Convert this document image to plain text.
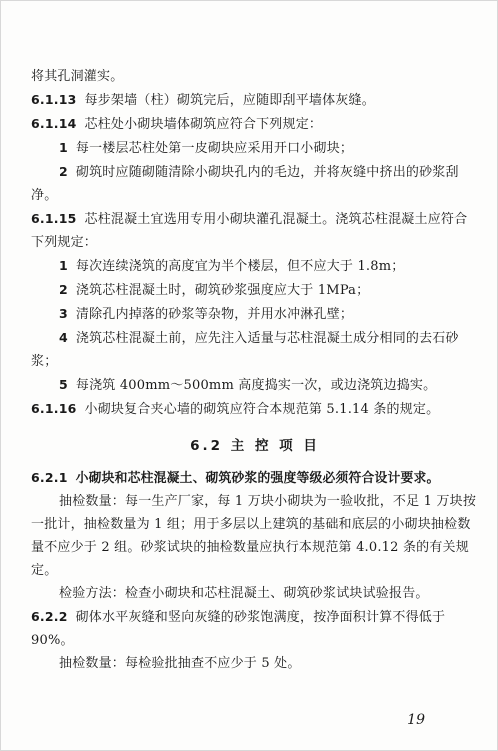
将其孔洞灌实。

6.1.13 每步架墙（柱）砌筑完后，应随即刮平墙体灰缝。

6.1.14 芯柱处小砌块墙体砌筑应符合下列规定：

1 每一楼层芯柱处第一皮砌块应采用开口小砌块；

2 砌筑时应随砌随清除小砌块孔内的毛边，并将灰缝中挤出的砂浆刮净。

6.1.15 芯柱混凝土宜选用专用小砌块灌孔混凝土。浇筑芯柱混凝土应符合下列规定：

1 每次连续浇筑的高度宜为半个楼层，但不应大于 1.8m；

2 浇筑芯柱混凝土时，砌筑砂浆强度应大于 1MPa；

3 清除孔内掉落的砂浆等杂物，并用水冲淋孔壁；

4 浇筑芯柱混凝土前，应先注入适量与芯柱混凝土成分相同的去石砂浆；

5 每浇筑 400mm～500mm 高度捣实一次，或边浇筑边捣实。

6.1.16 小砌块复合夹心墙的砌筑应符合本规范第 5.1.14 条的规定。

6.2 主 控 项 目

6.2.1 小砌块和芯柱混凝土、砌筑砂浆的强度等级必须符合设计要求。

抽检数量：每一生产厂家，每 1 万块小砌块为一验收批，不足 1 万块按一批计，抽检数量为 1 组；用于多层以上建筑的基础和底层的小砌块抽检数量不应少于 2 组。砂浆试块的抽检数量应执行本规范第 4.0.12 条的有关规定。

检验方法：检查小砌块和芯柱混凝土、砌筑砂浆试块试验报告。

6.2.2 砌体水平灰缝和竖向灰缝的砂浆饱满度，按净面积计算不得低于 90%。

抽检数量：每检验批抽查不应少于 5 处。

19
